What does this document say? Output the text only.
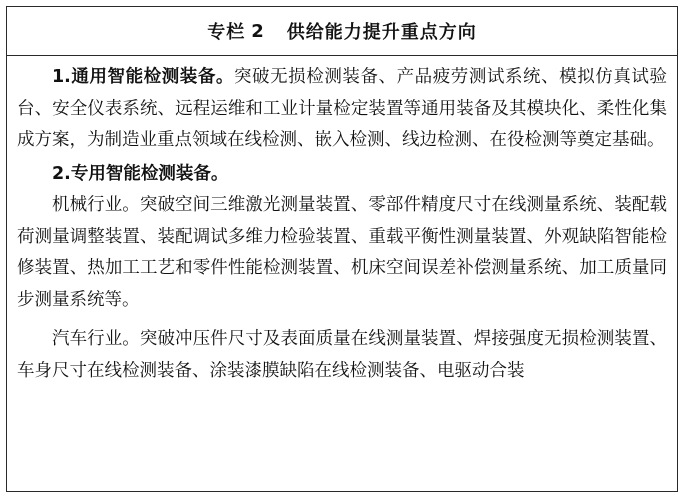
专栏 2 供给能力提升重点方向

1.通用智能检测装备。突破无损检测装备、产品疲劳测试系统、模拟仿真试验台、安全仪表系统、远程运维和工业计量检定装置等通用装备及其模块化、柔性化集成方案，为制造业重点领域在线检测、嵌入检测、线边检测、在役检测等奠定基础。

2.专用智能检测装备。

机械行业。突破空间三维激光测量装置、零部件精度尺寸在线测量系统、装配载荷测量调整装置、装配调试多维力检验装置、重载平衡性测量装置、外观缺陷智能检修装置、热加工工艺和零件性能检测装置、机床空间误差补偿测量系统、加工质量同步测量系统等。

汽车行业。突破冲压件尺寸及表面质量在线测量装置、焊接强度无损检测装置、车身尺寸在线检测装备、涂装漆膜缺陷在线检测装备、电驱动合装
